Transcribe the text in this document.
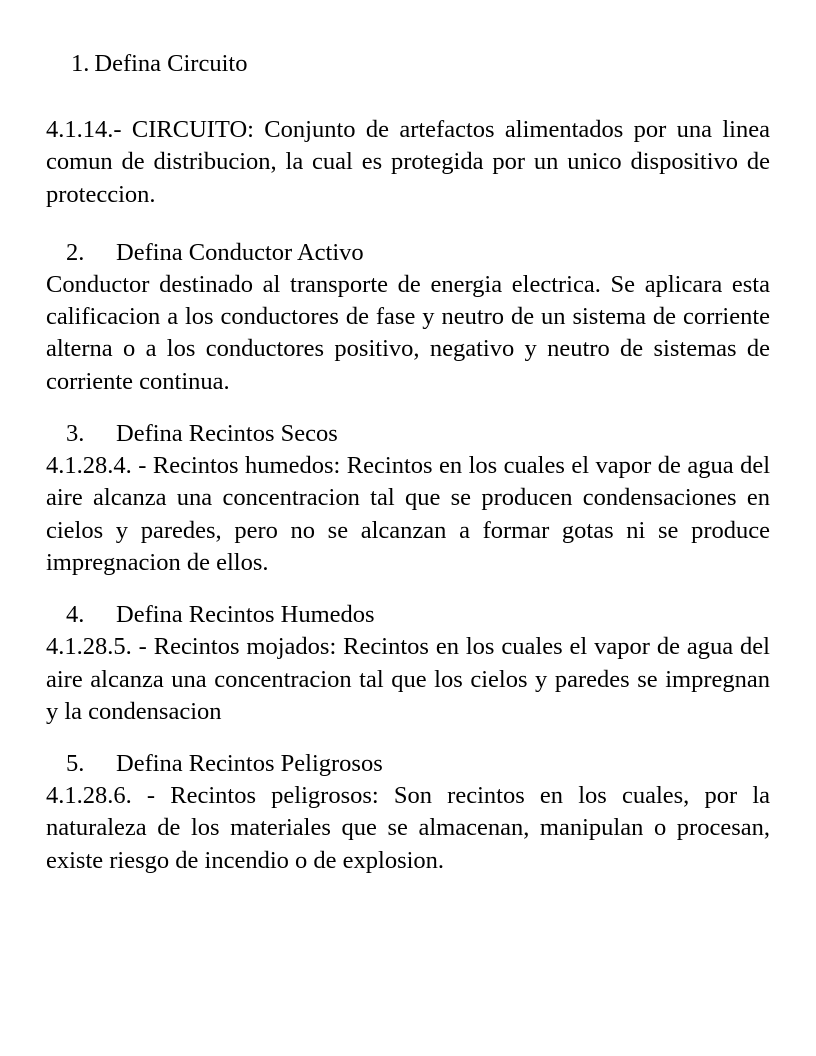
1. Defina Circuito

4.1.14.- CIRCUITO: Conjunto de artefactos alimentados por una linea comun de distribucion, la cual es protegida por un unico dispositivo de proteccion.

2.	Defina Conductor Activo

Conductor destinado al transporte de energia electrica. Se aplicara esta calificacion a los conductores de fase y neutro de un sistema de corriente alterna o a los conductores positivo, negativo y neutro de sistemas de corriente continua.

3.	Defina Recintos Secos

4.1.28.4. - Recintos humedos: Recintos en los cuales el vapor de agua del aire alcanza una concentracion tal que se producen condensaciones en cielos y paredes, pero no se alcanzan a formar gotas ni se produce impregnacion de ellos.

4.	Defina Recintos Humedos

4.1.28.5. - Recintos mojados: Recintos en los cuales el vapor de agua del aire alcanza una concentracion tal que los cielos y paredes se impregnan y la condensacion

5.	Defina Recintos Peligrosos

4.1.28.6. - Recintos peligrosos: Son recintos en los cuales, por la naturaleza de los materiales que se almacenan, manipulan o procesan, existe riesgo de incendio o de explosion.
